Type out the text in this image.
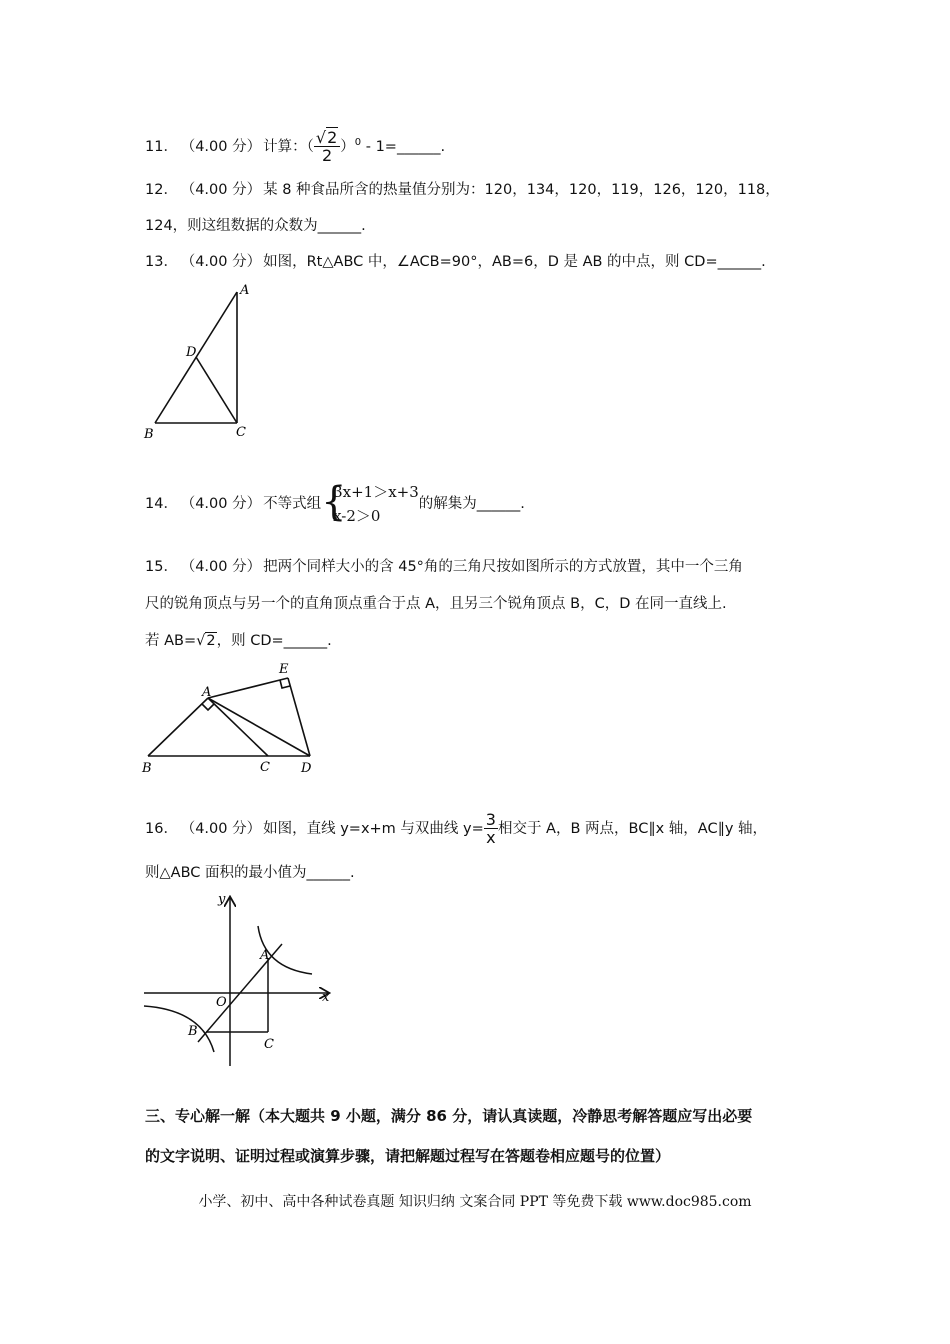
11． （4.00 分） 计算：（ $\frac{√2}{2} )^0$ - 1=______.
12． （4.00 分） 某 8 种食品所含的热量值分别为：120，134，120，119，126，120，118，
124，则这组数据的众数为______.
13． （4.00 分） 如图，Rt△ABC 中，∠ACB=90°，AB=6，D 是 AB 的中点，则 CD=______.
A
B	C
D
14． （4.00 分） 不等式组 {
3x+1＞x+3
x-2＞0
的解集为______.
15． （4.00 分） 把两个同样大小的含 45°角的三角尺按如图所示的方式放置，其中一个三角
尺的锐角顶点与另一个的直角顶点重合于点 A，且另三个锐角顶点 B，C，D 在同一直线上.
若 AB=√2，则 CD=______.
A
B	C D
E
16． （4.00 分） 如图，直线 y=x+m 与双曲线 $y= \frac{3}{x}$ 相交于 A，B 两点，BC∥x 轴，AC∥y 轴，
则△ABC 面积的最小值为______.
y
x
O
A
B
C
三、专心解一解（本大题共 9 小题，满分 86 分，请认真读题，冷静思考解答题应写出必要
的文字说明、证明过程或演算步骤，请把解题过程写在答题卷相应题号的位置）
小学、初中、高中各种试卷真题 知识归纳 文案合同 PPT 等免费下载 www.doc985.com
